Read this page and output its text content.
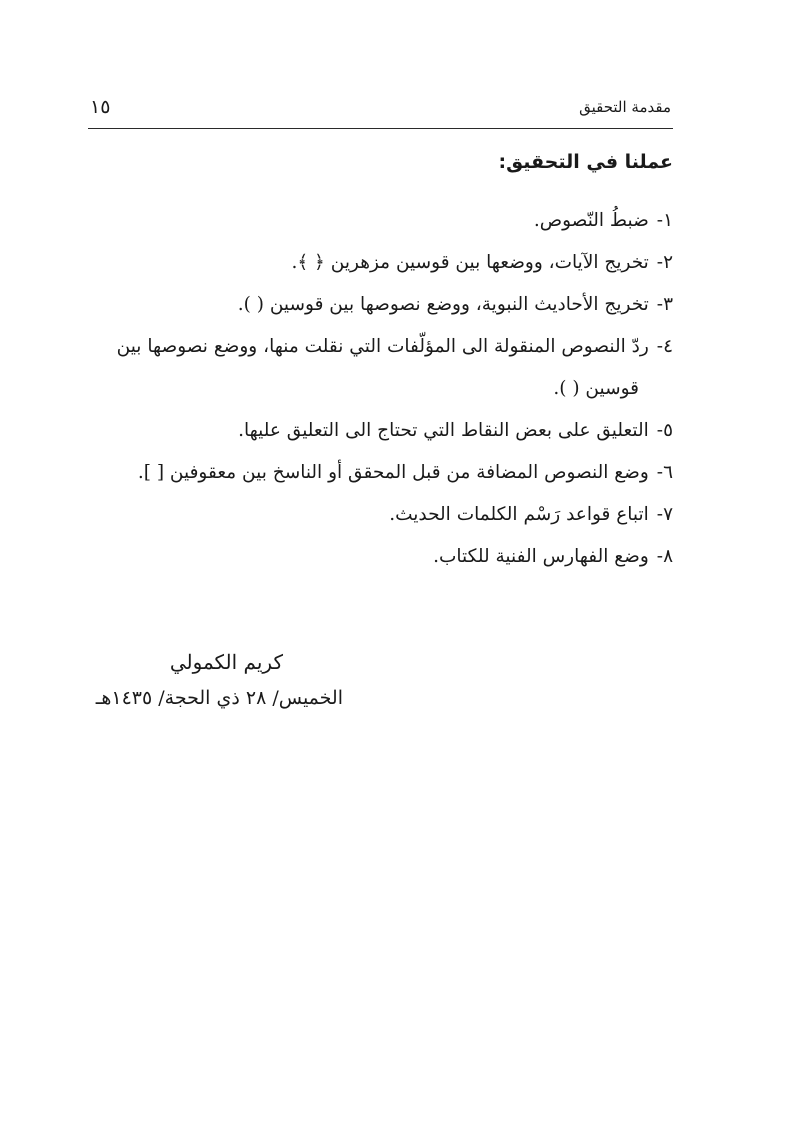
مقدمة التحقيق
١٥
عملنا في التحقيق:
١-ضبطُ النّصوص.
٢-تخريج الآيات، ووضعها بين قوسين مزهرين ﴿ ﴾.
٣-تخريج الأحاديث النبوية، ووضع نصوصها بين قوسين ( ).
٤-ردّ النصوص المنقولة الى المؤلّفات التي نقلت منها، ووضع نصوصها بين
قوسين ( ).
٥-التعليق على بعض النقاط التي تحتاج الى التعليق عليها.
٦-وضع النصوص المضافة من قبل المحقق أو الناسخ بين معقوفين [ ].
٧-اتباع قواعد رَسْم الكلمات الحديث.
٨-وضع الفهارس الفنية للكتاب.
كريم الكمولي
الخميس/ ٢٨ ذي الحجة/ ١٤٣٥هـ
